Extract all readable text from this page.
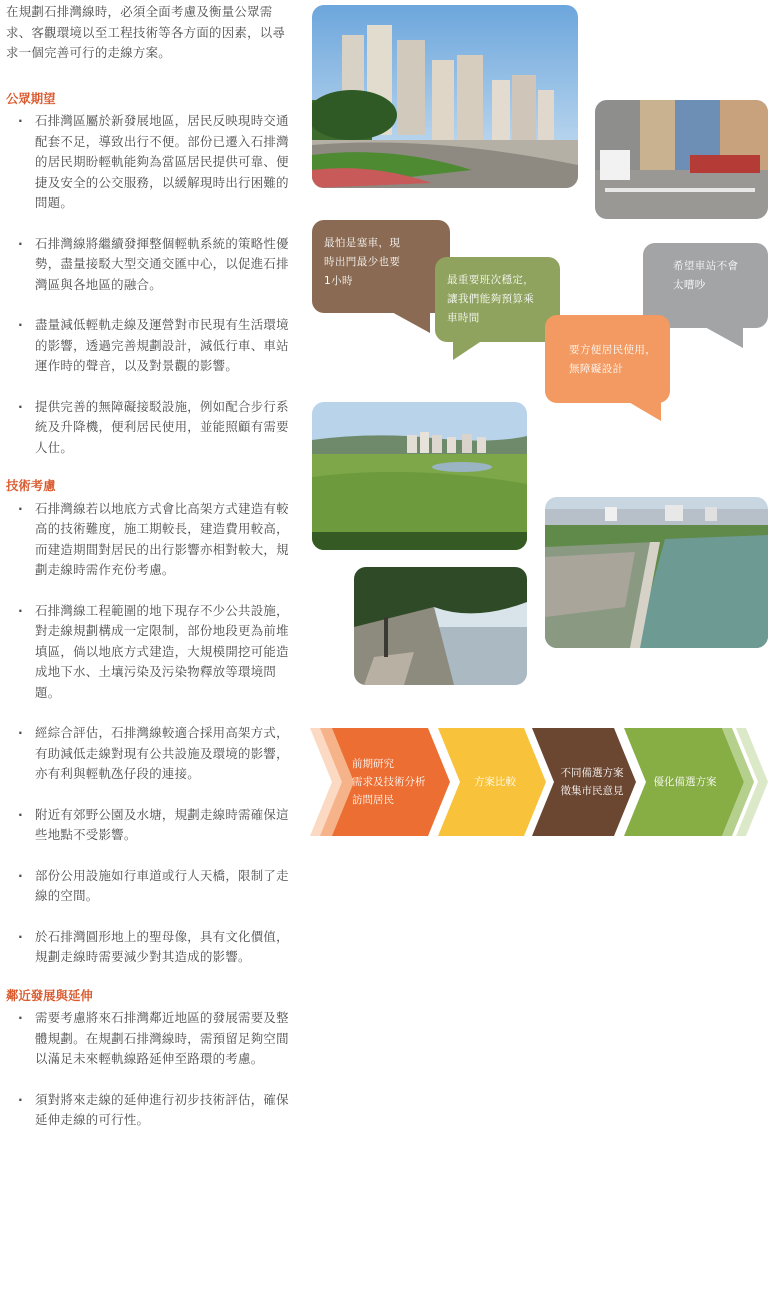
在規劃石排灣線時，必須全面考慮及衡量公眾需求、客觀環境以至工程技術等各方面的因素，以尋求一個完善可行的走線方案。

公眾期望
· 石排灣區屬於新發展地區，居民反映現時交通配套不足，導致出行不便。部份已遷入石排灣的居民期盼輕軌能夠為當區居民提供可靠、便捷及安全的公交服務，以緩解現時出行困難的問題。
· 石排灣線將繼續發揮整個輕軌系統的策略性優勢，盡量接駁大型交通交匯中心，以促進石排灣區與各地區的融合。
· 盡量減低輕軌走線及運營對市民現有生活環境的影響，透過完善規劃設計，減低行車、車站運作時的聲音，以及對景觀的影響。
· 提供完善的無障礙接駁設施，例如配合步行系統及升降機，便利居民使用，並能照顧有需要人仕。
技術考慮
· 石排灣線若以地底方式會比高架方式建造有較高的技術難度，施工期較長，建造費用較高，而建造期間對居民的出行影響亦相對較大，規劃走線時需作充份考慮。
· 石排灣線工程範圍的地下現存不少公共設施，對走線規劃構成一定限制，部份地段更為前堆填區，倘以地底方式建造，大規模開挖可能造成地下水、土壤污染及污染物釋放等環境問題。
· 經綜合評估，石排灣線較適合採用高架方式，有助減低走線對現有公共設施及環境的影響，亦有利與輕軌氹仔段的連接。
· 附近有郊野公園及水塘，規劃走線時需確保這些地點不受影響。
· 部份公用設施如行車道或行人天橋，限制了走線的空間。
· 於石排灣圓形地上的聖母像，具有文化價值，規劃走線時需要減少對其造成的影響。
鄰近發展與延伸
· 需要考慮將來石排灣鄰近地區的發展需要及整體規劃。在規劃石排灣線時，需預留足夠空間以滿足未來輕軌線路延伸至路環的考慮。
· 須對將來走線的延伸進行初步技術評估，確保延伸走線的可行性。
最怕是塞車，現
時出門最少也要
1小時	最重要班次穩定，
讓我們能夠預算乘
車時間
希望車站不會
太嘈吵
要方便居民使用，
無障礙設計
前期研究
需求及技術分析
訪問居民
方案比較
不同備選方案
徵集市民意見
優化備選方案
